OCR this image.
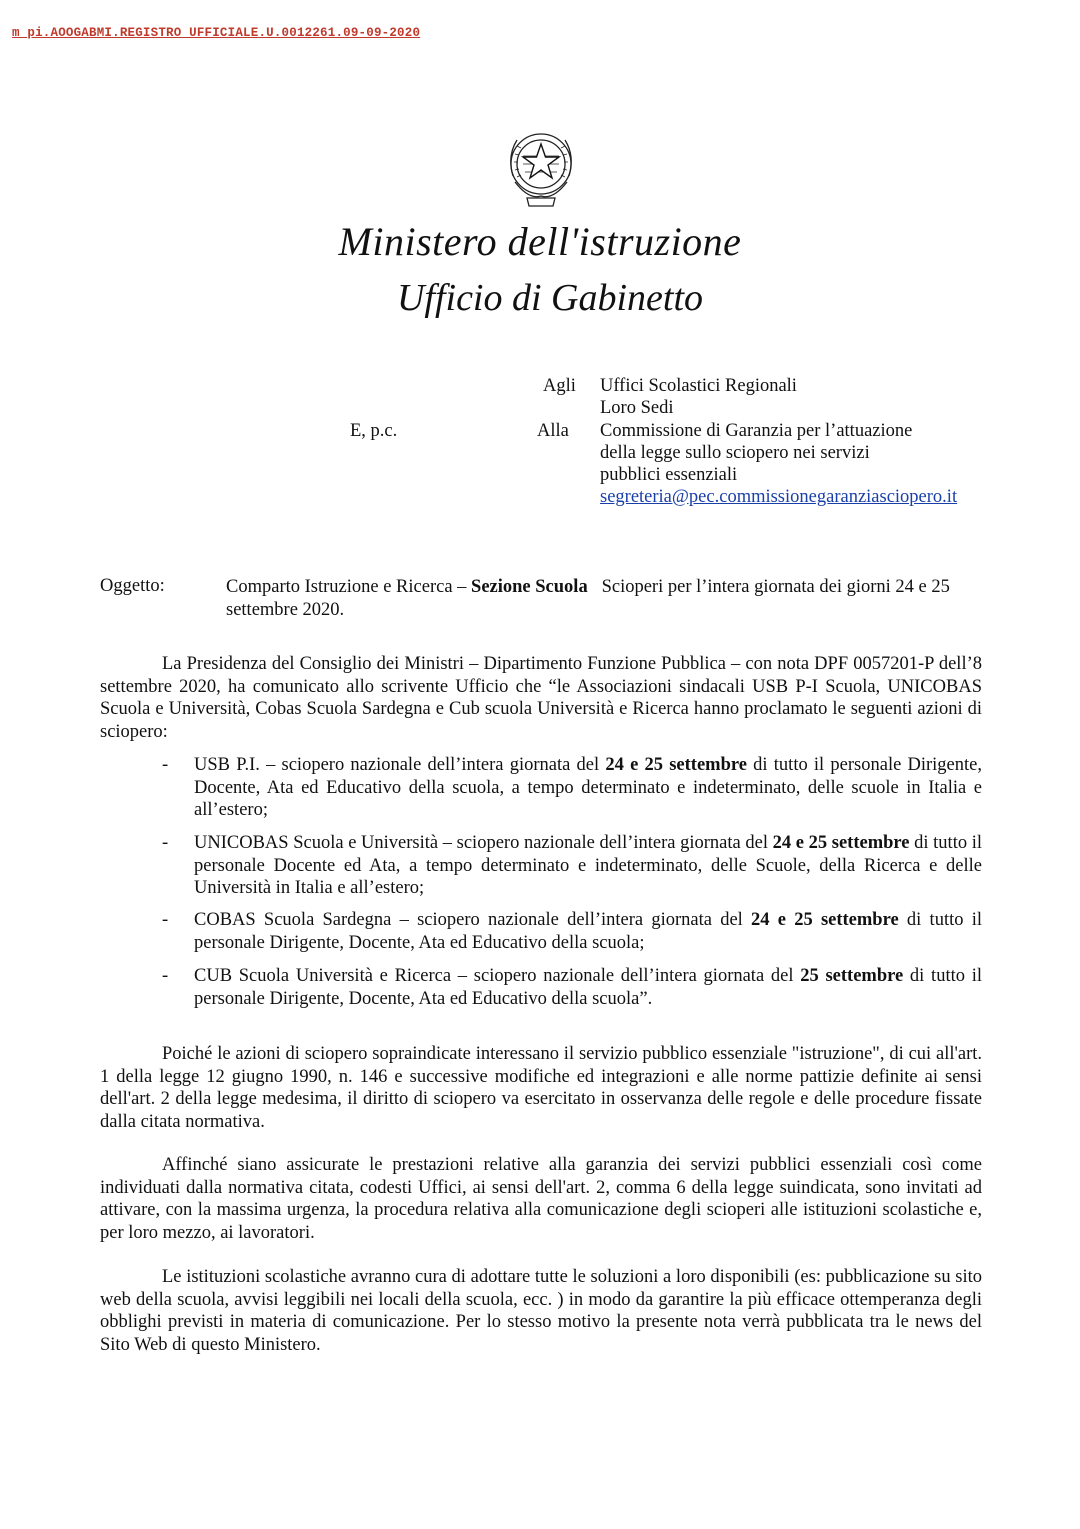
m_pi.AOOGABMI.REGISTRO UFFICIALE.U.0012261.09-09-2020
Ministero dell'istruzione
Ufficio di Gabinetto
Agli Uffici Scolastici Regionali
Loro Sedi
E, p.c.	Alla Commissione di Garanzia per l’attuazione
della legge sullo sciopero nei servizi
pubblici essenziali
segreteria@pec.commissionegaranziasciopero.it
Oggetto:	Comparto Istruzione e Ricerca – Sezione Scuola   Scioperi per l’intera giornata dei giorni 24 e 25 settembre 2020.
La Presidenza del Consiglio dei Ministri – Dipartimento Funzione Pubblica – con nota DPF 0057201-P dell’8 settembre 2020, ha comunicato allo scrivente Ufficio che “le Associazioni sindacali USB P-I Scuola, UNICOBAS Scuola e Università, Cobas Scuola Sardegna e Cub scuola Università e Ricerca hanno proclamato le seguenti azioni di sciopero:
- USB P.I. – sciopero nazionale dell’intera giornata del 24 e 25 settembre di tutto il personale Dirigente, Docente, Ata ed Educativo della scuola, a tempo determinato e indeterminato, delle scuole in Italia e all’estero;
- UNICOBAS Scuola e Università – sciopero nazionale dell’intera giornata del 24 e 25 settembre di tutto il personale Docente ed Ata, a tempo determinato e indeterminato, delle Scuole, della Ricerca e delle Università in Italia e all’estero;
- COBAS Scuola Sardegna – sciopero nazionale dell’intera giornata del 24 e 25 settembre di tutto il personale Dirigente, Docente, Ata ed Educativo della scuola;
- CUB Scuola Università e Ricerca – sciopero nazionale dell’intera giornata del 25 settembre di tutto il personale Dirigente, Docente, Ata ed Educativo della scuola”.
Poiché le azioni di sciopero sopraindicate interessano il servizio pubblico essenziale "istruzione", di cui all'art. 1 della legge 12 giugno 1990, n. 146 e successive modifiche ed integrazioni e alle norme pattizie definite ai sensi dell'art. 2 della legge medesima, il diritto di sciopero va esercitato in osservanza delle regole e delle procedure fissate dalla citata normativa.
Affinché siano assicurate le prestazioni relative alla garanzia dei servizi pubblici essenziali così come individuati dalla normativa citata, codesti Uffici, ai sensi dell'art. 2, comma 6 della legge suindicata, sono invitati ad attivare, con la massima urgenza, la procedura relativa alla comunicazione degli scioperi alle istituzioni scolastiche e, per loro mezzo, ai lavoratori.
Le istituzioni scolastiche avranno cura di adottare tutte le soluzioni a loro disponibili (es: pubblicazione su sito web della scuola, avvisi leggibili nei locali della scuola, ecc. ) in modo da garantire la più efficace ottemperanza degli obblighi previsti in materia di comunicazione. Per lo stesso motivo la presente nota verrà pubblicata tra le news del Sito Web di questo Ministero.
